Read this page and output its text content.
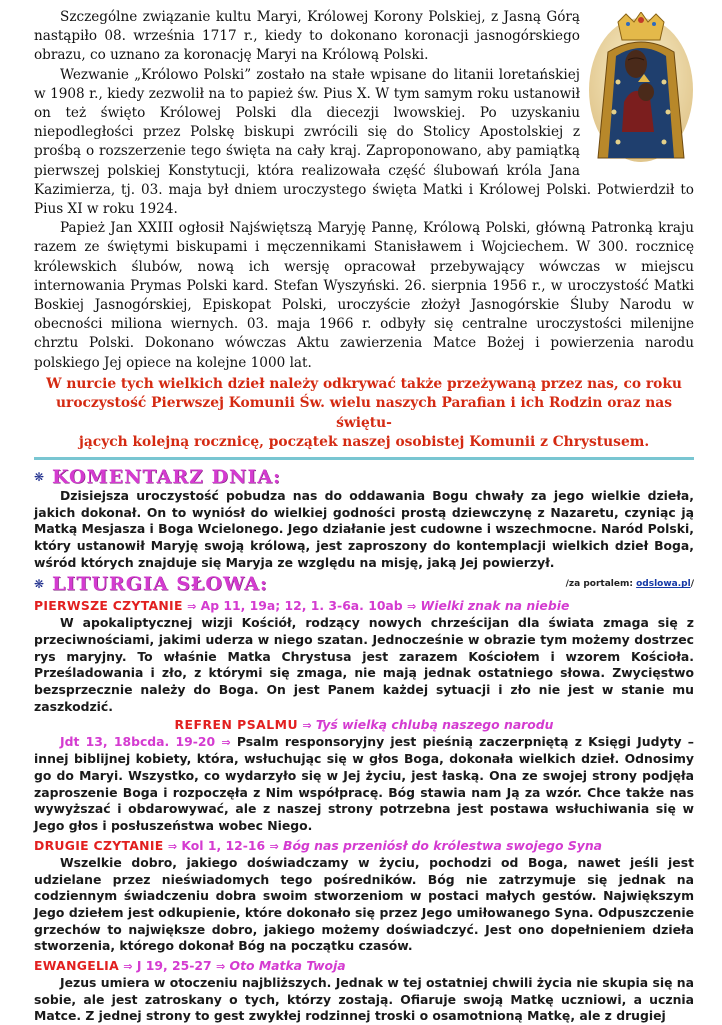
Szczególne związanie kultu Maryi, Królowej Korony Polskiej, z Jasną Górą nastąpiło 08. września 1717 r., kiedy to dokonano koronacji jasnogórskiego obrazu, co uznano za koronację Maryi na Królową Polski.

Wezwanie „Królowo Polski” zostało na stałe wpisane do litanii loretańskiej w 1908 r., kiedy zezwolił na to papież św. Pius X. W tym samym roku ustanowił on też święto Królowej Polski dla diecezji lwowskiej. Po uzyskaniu niepodległości przez Polskę biskupi zwrócili się do Stolicy Apostolskiej z prośbą o rozszerzenie tego święta na cały kraj. Zaproponowano, aby pamiątką pierwszej polskiej Konstytucji, która realizowała część ślubowań króla Jana Kazimierza, tj. 03. maja był dniem uroczystego święta Matki i Królowej Polski. Potwierdził to Pius XI w roku 1924.

Papież Jan XXIII ogłosił Najświętszą Maryję Pannę, Królową Polski, główną Patronką kraju razem ze świętymi biskupami i męczennikami Stanisławem i Wojciechem. W 300. rocznicę królewskich ślubów, nową ich wersję opracował przebywający wówczas w miejscu internowania Prymas Polski kard. Stefan Wyszyński. 26. sierpnia 1956 r., w uroczystość Matki Boskiej Jasnogórskiej, Episkopat Polski, uroczyście złożył Jasnogórskie Śluby Narodu w obecności miliona wiernych. 03. maja 1966 r. odbyły się centralne uroczystości milenijne chrztu Polski. Dokonano wówczas Aktu zawierzenia Matce Bożej i powierzenia narodu polskiego Jej opiece na kolejne 1000 lat.

W nurcie tych wielkich dzieł należy odkrywać także przeżywaną przez nas, co roku
uroczystość Pierwszej Komunii Św. wielu naszych Parafian i ich Rodzin oraz nas świętu-
jących kolejną rocznicę, początek naszej osobistej Komunii z Chrystusem.

❋ KOMENTARZ DNIA:

Dzisiejsza uroczystość pobudza nas do oddawania Bogu chwały za jego wielkie dzieła, jakich dokonał. On to wyniósł do wielkiej godności prostą dziewczynę z Nazaretu, czyniąc ją Matką Mesjasza i Boga Wcielonego. Jego działanie jest cudowne i wszechmocne. Naród Polski, który ustanowił Maryję swoją królową, jest zaproszony do kontemplacji wielkich dzieł Boga, wśród których znajduje się Maryja ze względu na misję, jaką Jej powierzył.

❋ LITURGIA SŁOWA:	/za portalem: odslowa.pl/
PIERWSZE CZYTANIE ⇒ Ap 11, 19a; 12, 1. 3-6a. 10ab ⇒ Wielki znak na niebie

W apokaliptycznej wizji Kościół, rodzący nowych chrześcijan dla świata zmaga się z przeciwnościami, jakimi uderza w niego szatan. Jednocześnie w obrazie tym możemy dostrzec rys maryjny. To właśnie Matka Chrystusa jest zarazem Kościołem i wzorem Kościoła. Prześladowania i zło, z którymi się zmaga, nie mają jednak ostatniego słowa. Zwycięstwo bezsprzecznie należy do Boga. On jest Panem każdej sytuacji i zło nie jest w stanie mu zaszkodzić.

REFREN PSALMU ⇒ Tyś wielką chlubą naszego narodu

Jdt 13, 18bcda. 19-20 ⇒ Psalm responsoryjny jest pieśnią zaczerpniętą z Księgi Judyty – innej biblijnej kobiety, która, wsłuchując się w głos Boga, dokonała wielkich dzieł. Odnosimy go do Maryi. Wszystko, co wydarzyło się w Jej życiu, jest łaską. Ona ze swojej strony podjęła zaproszenie Boga i rozpoczęła z Nim współpracę. Bóg stawia nam Ją za wzór. Chce także nas wywyższać i obdarowywać, ale z naszej strony potrzebna jest postawa wsłuchiwania się w Jego głos i posłuszeństwa wobec Niego.

DRUGIE CZYTANIE ⇒ Kol 1, 12-16 ⇒ Bóg nas przeniósł do królestwa swojego Syna

Wszelkie dobro, jakiego doświadczamy w życiu, pochodzi od Boga, nawet jeśli jest udzielane przez nieświadomych tego pośredników. Bóg nie zatrzymuje się jednak na codziennym świadczeniu dobra swoim stworzeniom w postaci małych gestów. Największym Jego dziełem jest odkupienie, które dokonało się przez Jego umiłowanego Syna. Odpuszczenie grzechów to największe dobro, jakiego możemy doświadczyć. Jest ono dopełnieniem dzieła stworzenia, którego dokonał Bóg na początku czasów.

EWANGELIA ⇒ J 19, 25-27 ⇒ Oto Matka Twoja

Jezus umiera w otoczeniu najbliższych. Jednak w tej ostatniej chwili życia nie skupia się na sobie, ale jest zatroskany o tych, którzy zostają. Ofiaruje swoją Matkę uczniowi, a ucznia Matce. Z jednej strony to gest zwykłej rodzinnej troski o osamotnioną Matkę, ale z drugiej
